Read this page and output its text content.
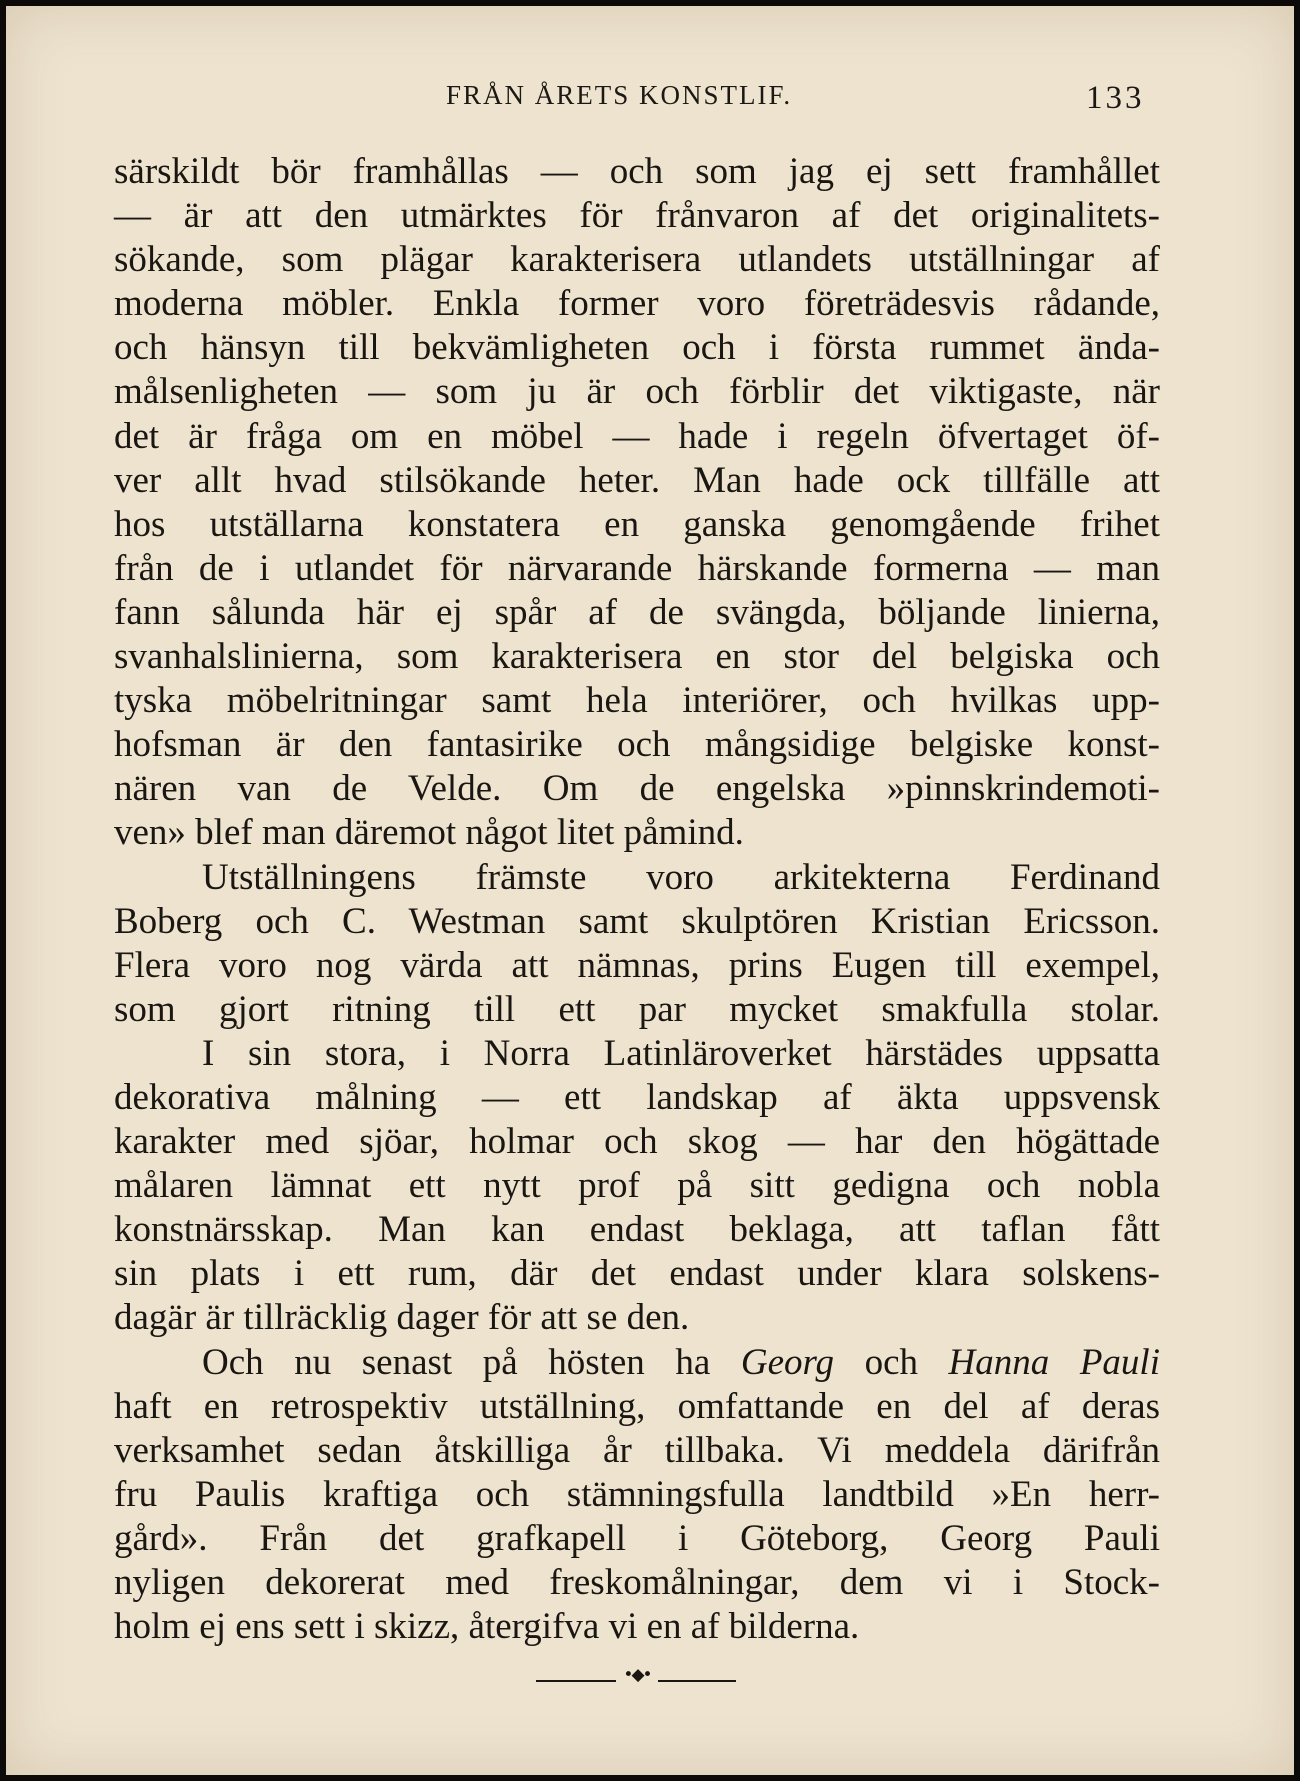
FRÅN ÅRETS KONSTLIF.	133
särskildt bör framhållas — och som jag ej sett framhållet
— är att den utmärktes för frånvaron af det originalitets-
sökande, som plägar karakterisera utlandets utställningar af
moderna möbler. Enkla former voro företrädesvis rådande,
och hänsyn till bekvämligheten och i första rummet ända-
målsenligheten — som ju är och förblir det viktigaste, när
det är fråga om en möbel — hade i regeln öfvertaget öf-
ver allt hvad stilsökande heter. Man hade ock tillfälle att
hos utställarna konstatera en ganska genomgående frihet
från de i utlandet för närvarande härskande formerna — man
fann sålunda här ej spår af de svängda, böljande linierna,
svanhalslinierna, som karakterisera en stor del belgiska och
tyska möbelritningar samt hela interiörer, och hvilkas upp-
hofsman är den fantasirike och mångsidige belgiske konst-
nären van de Velde. Om de engelska »pinnskrindemoti-
ven» blef man däremot något litet påmind.
Utställningens främste voro arkitekterna Ferdinand
Boberg och C. Westman samt skulptören Kristian Ericsson.
Flera voro nog värda att nämnas, prins Eugen till exempel,
som gjort ritning till ett par mycket smakfulla stolar.
I sin stora, i Norra Latinläroverket härstädes uppsatta
dekorativa målning — ett landskap af äkta uppsvensk
karakter med sjöar, holmar och skog — har den högättade
målaren lämnat ett nytt prof på sitt gedigna och nobla
konstnärsskap. Man kan endast beklaga, att taflan fått
sin plats i ett rum, där det endast under klara solskens-
dagär är tillräcklig dager för att se den.
Och nu senast på hösten ha Georg och Hanna Pauli
haft en retrospektiv utställning, omfattande en del af deras
verksamhet sedan åtskilliga år tillbaka. Vi meddela därifrån
fru Paulis kraftiga och stämningsfulla landtbild »En herr-
gård». Från det grafkapell i Göteborg, Georg Pauli
nyligen dekorerat med freskomålningar, dem vi i Stock-
holm ej ens sett i skizz, återgifva vi en af bilderna.
•◆•
